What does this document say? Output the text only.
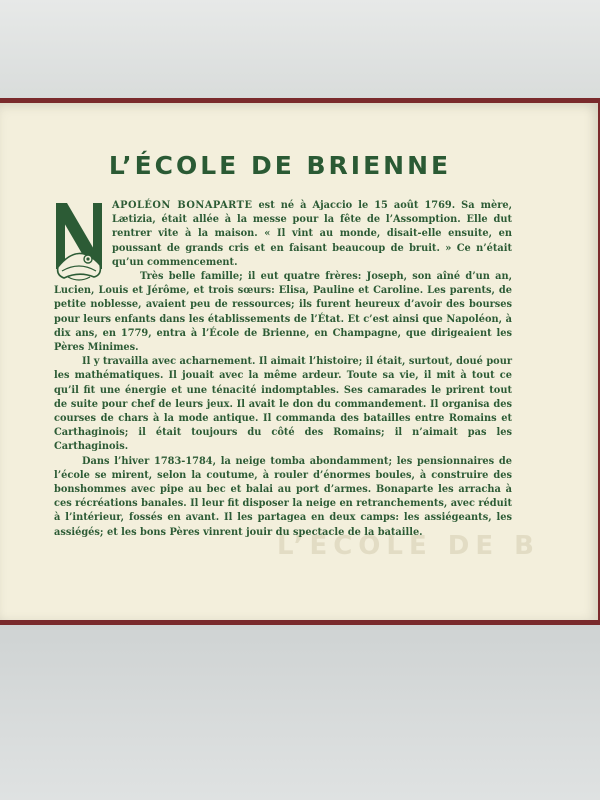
L’ÉCOLE DE B
L’ÉCOLE DE BRIENNE

APOLÉON BONAPARTE est né à Ajaccio le 15 août 1769. Sa mère, Lætizia, était allée à la messe pour la fête de l’Assomption. Elle dut rentrer vite à la maison. « Il vint au monde, disait-elle ensuite, en poussant de grands cris et en faisant beaucoup de bruit. » Ce n’était qu’un commencement.

Très belle famille; il eut quatre frères: Joseph, son aîné d’un an, Lucien, Louis et Jérôme, et trois sœurs: Elisa, Pauline et Caroline. Les parents, de petite noblesse, avaient peu de ressources; ils furent heureux d’avoir des bourses pour leurs enfants dans les établissements de l’État. Et c’est ainsi que Napoléon, à dix ans, en 1779, entra à l’École de Brienne, en Champagne, que dirigeaient les Pères Minimes.

Il y travailla avec acharnement. Il aimait l’histoire; il était, surtout, doué pour les mathématiques. Il jouait avec la même ardeur. Toute sa vie, il mit à tout ce qu’il fit une énergie et une ténacité indomptables. Ses camarades le prirent tout de suite pour chef de leurs jeux. Il avait le don du commandement. Il organisa des courses de chars à la mode antique. Il commanda des batailles entre Romains et Carthaginois; il était toujours du côté des Romains; il n’aimait pas les Carthaginois.

Dans l’hiver 1783-1784, la neige tomba abondamment; les pensionnaires de l’école se mirent, selon la coutume, à rouler d’énormes boules, à construire des bonshommes avec pipe au bec et balai au port d’armes. Bonaparte les arracha à ces récréations banales. Il leur fit disposer la neige en retranchements, avec réduit à l’intérieur, fossés en avant. Il les partagea en deux camps: les assiégeants, les assiégés; et les bons Pères vinrent jouir du spectacle de la bataille.
